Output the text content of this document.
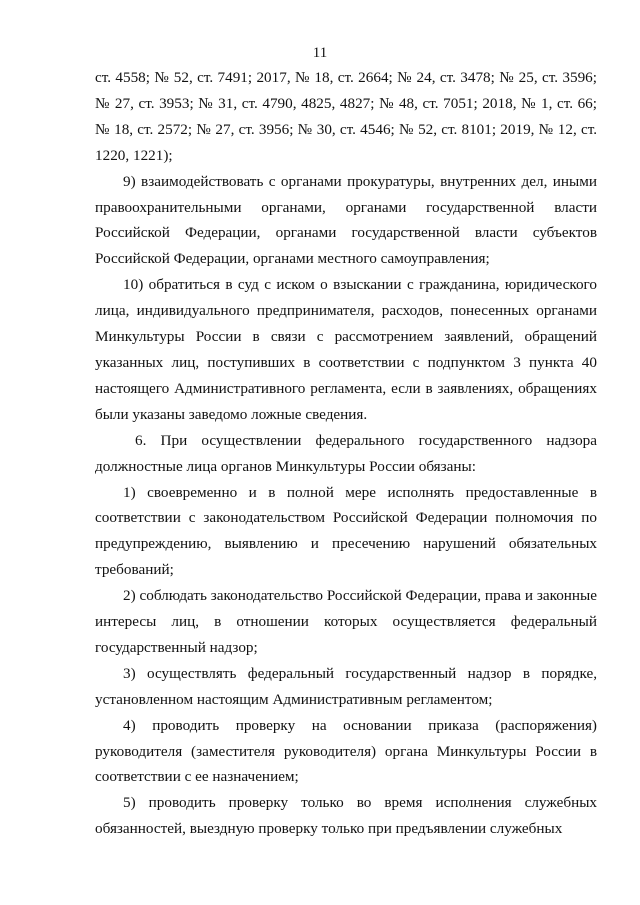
11

ст. 4558; № 52, ст. 7491; 2017, № 18, ст. 2664; № 24, ст. 3478; № 25, ст. 3596; № 27, ст. 3953; № 31, ст. 4790, 4825, 4827; № 48, ст. 7051; 2018, № 1, ст. 66; № 18, ст. 2572; № 27, ст. 3956; № 30, ст. 4546; № 52, ст. 8101; 2019, № 12, ст. 1220, 1221);

9) взаимодействовать с органами прокуратуры, внутренних дел, иными правоохранительными органами, органами государственной власти Российской Федерации, органами государственной власти субъектов Российской Федерации, органами местного самоуправления;

10) обратиться в суд с иском о взыскании с гражданина, юридического лица, индивидуального предпринимателя, расходов, понесенных органами Минкультуры России в связи с рассмотрением заявлений, обращений указанных лиц, поступивших в соответствии с подпунктом 3 пункта 40 настоящего Административного регламента, если в заявлениях, обращениях были указаны заведомо ложные сведения.

6. При осуществлении федерального государственного надзора должностные лица органов Минкультуры России обязаны:

1) своевременно и в полной мере исполнять предоставленные в соответствии с законодательством Российской Федерации полномочия по предупреждению, выявлению и пресечению нарушений обязательных требований;

2) соблюдать законодательство Российской Федерации, права и законные интересы лиц, в отношении которых осуществляется федеральный государственный надзор;

3) осуществлять федеральный государственный надзор в порядке, установленном настоящим Административным регламентом;

4) проводить проверку на основании приказа (распоряжения) руководителя (заместителя руководителя) органа Минкультуры России в соответствии с ее назначением;

5) проводить проверку только во время исполнения служебных обязанностей, выездную проверку только при предъявлении служебных
